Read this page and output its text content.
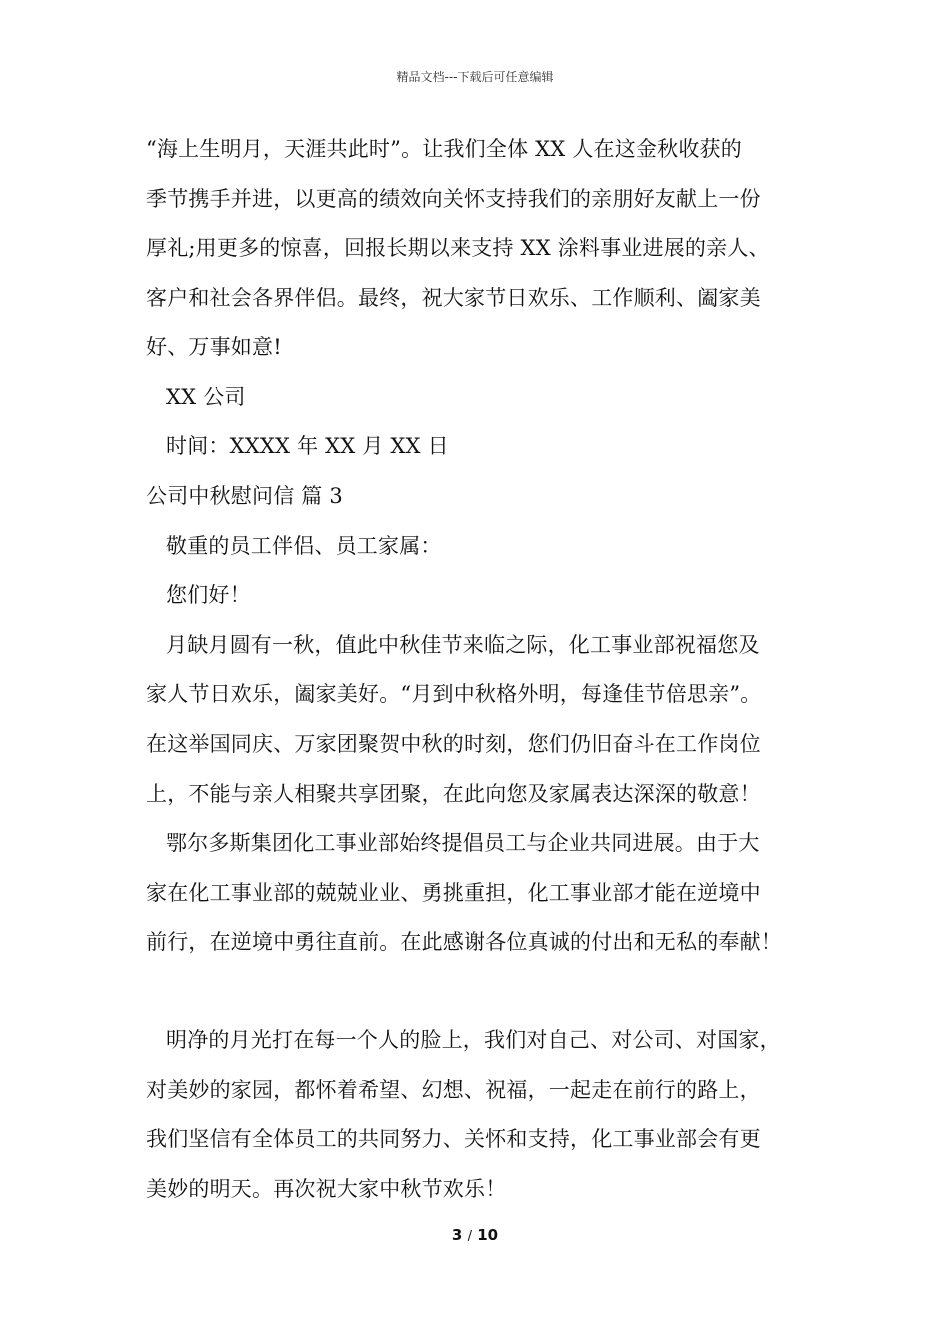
精品文档---下载后可任意编辑
“海上生明月，天涯共此时”。让我们全体 XX 人在这金秋收获的
季节携手并进，以更高的绩效向关怀支持我们的亲朋好友献上一份
厚礼;用更多的惊喜，回报长期以来支持 XX 涂料事业进展的亲人、
客户和社会各界伴侣。最终，祝大家节日欢乐、工作顺利、阖家美
好、万事如意!
XX 公司
时间：XXXX 年 XX 月 XX 日
公司中秋慰问信 篇 3
敬重的员工伴侣、员工家属：
您们好！
月缺月圆有一秋，值此中秋佳节来临之际，化工事业部祝福您及
家人节日欢乐，阖家美好。“月到中秋格外明，每逢佳节倍思亲”。
在这举国同庆、万家团聚贺中秋的时刻，您们仍旧奋斗在工作岗位
上，不能与亲人相聚共享团聚，在此向您及家属表达深深的敬意！
鄂尔多斯集团化工事业部始终提倡员工与企业共同进展。由于大
家在化工事业部的兢兢业业、勇挑重担，化工事业部才能在逆境中
前行，在逆境中勇往直前。在此感谢各位真诚的付出和无私的奉献！
明净的月光打在每一个人的脸上，我们对自己、对公司、对国家，
对美妙的家园，都怀着希望、幻想、祝福，一起走在前行的路上，
我们坚信有全体员工的共同努力、关怀和支持，化工事业部会有更
美妙的明天。再次祝大家中秋节欢乐！
3 / 10
